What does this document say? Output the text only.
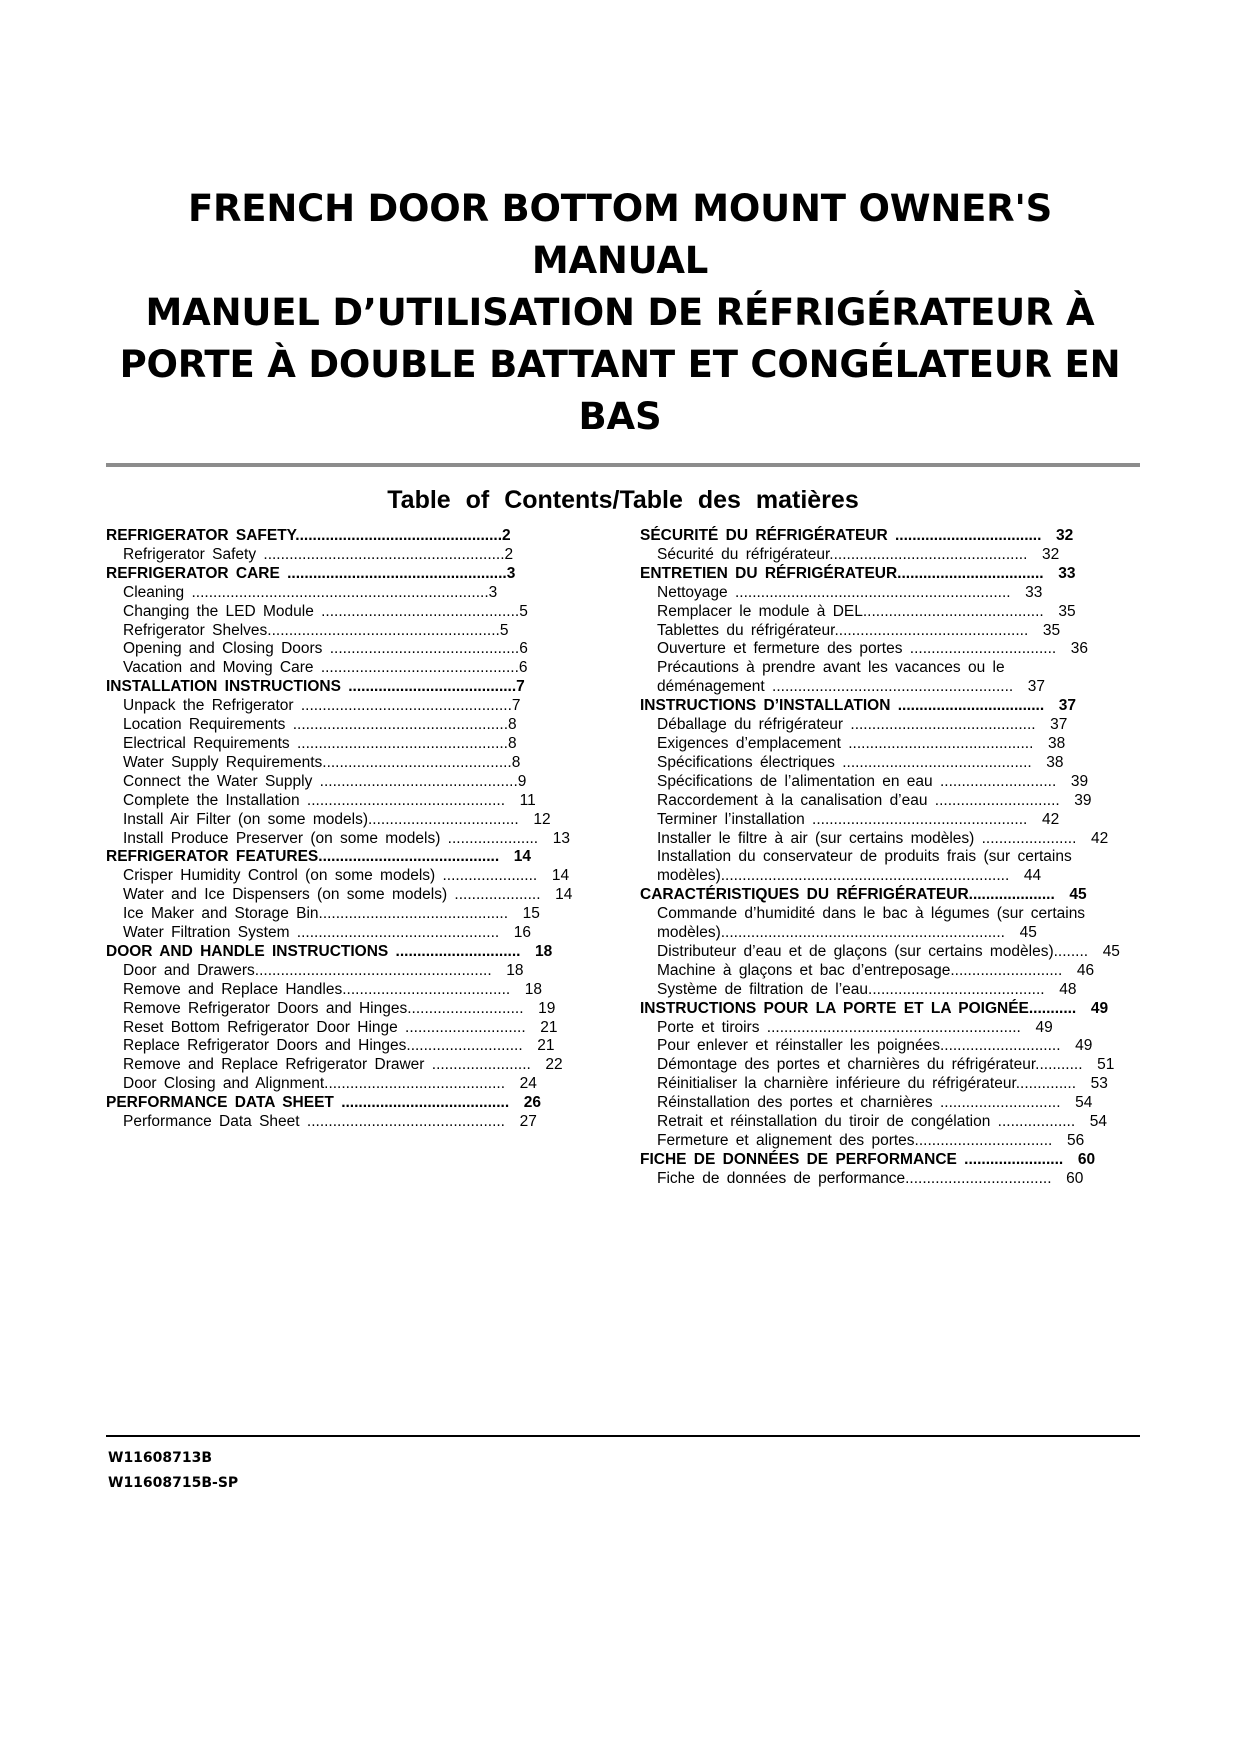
FRENCH DOOR BOTTOM MOUNT OWNER'S
MANUAL
MANUEL D’UTILISATION DE RÉFRIGÉRATEUR À
PORTE À DOUBLE BATTANT ET CONGÉLATEUR EN
BAS
Table of Contents/Table des matières
REFRIGERATOR SAFETY................................................2
Refrigerator Safety ........................................................2
REFRIGERATOR CARE ...................................................3
Cleaning .....................................................................3
Changing the LED Module ..............................................5
Refrigerator Shelves......................................................5
Opening and Closing Doors ............................................6
Vacation and Moving Care ..............................................6
INSTALLATION INSTRUCTIONS .......................................7
Unpack the Refrigerator .................................................7
Location Requirements ..................................................8
Electrical Requirements .................................................8
Water Supply Requirements............................................8
Connect the Water Supply ..............................................9
Complete the Installation ..............................................  11
Install Air Filter (on some models)...................................  12
Install Produce Preserver (on some models) .....................  13
REFRIGERATOR FEATURES..........................................  14
Crisper Humidity Control (on some models) ......................  14
Water and Ice Dispensers (on some models) ....................  14
Ice Maker and Storage Bin............................................  15
Water Filtration System ...............................................  16
DOOR AND HANDLE INSTRUCTIONS .............................  18
Door and Drawers.......................................................  18
Remove and Replace Handles.......................................  18
Remove Refrigerator Doors and Hinges...........................  19
Reset Bottom Refrigerator Door Hinge ............................  21
Replace Refrigerator Doors and Hinges...........................  21
Remove and Replace Refrigerator Drawer .......................  22
Door Closing and Alignment..........................................  24
PERFORMANCE DATA SHEET .......................................  26
Performance Data Sheet ..............................................  27
SÉCURITÉ DU RÉFRIGÉRATEUR ..................................  32
Sécurité du réfrigérateur..............................................  32
ENTRETIEN DU RÉFRIGÉRATEUR..................................  33
Nettoyage ................................................................  33
Remplacer le module à DEL..........................................  35
Tablettes du réfrigérateur.............................................  35
Ouverture et fermeture des portes ..................................  36
Précautions à prendre avant les vacances ou le
déménagement ........................................................  37
INSTRUCTIONS D’INSTALLATION ..................................  37
Déballage du réfrigérateur ...........................................  37
Exigences d’emplacement ...........................................  38
Spécifications électriques ............................................  38
Spécifications de l’alimentation en eau ...........................  39
Raccordement à la canalisation d’eau .............................  39
Terminer l’installation ..................................................  42
Installer le filtre à air (sur certains modèles) ......................  42
Installation du conservateur de produits frais (sur certains
modèles)...................................................................  44
CARACTÉRISTIQUES DU RÉFRIGÉRATEUR....................  45
Commande d’humidité dans le bac à légumes (sur certains
modèles)..................................................................  45
Distributeur d’eau et de glaçons (sur certains modèles)........  45
Machine à glaçons et bac d’entreposage..........................  46
Système de filtration de l’eau.........................................  48
INSTRUCTIONS POUR LA PORTE ET LA POIGNÉE...........  49
Porte et tiroirs ...........................................................  49
Pour enlever et réinstaller les poignées............................  49
Démontage des portes et charnières du réfrigérateur...........  51
Réinitialiser la charnière inférieure du réfrigérateur..............  53
Réinstallation des portes et charnières ............................  54
Retrait et réinstallation du tiroir de congélation ..................  54
Fermeture et alignement des portes................................  56
FICHE DE DONNÉES DE PERFORMANCE .......................  60
Fiche de données de performance..................................  60
W11608713B
W11608715B-SP
